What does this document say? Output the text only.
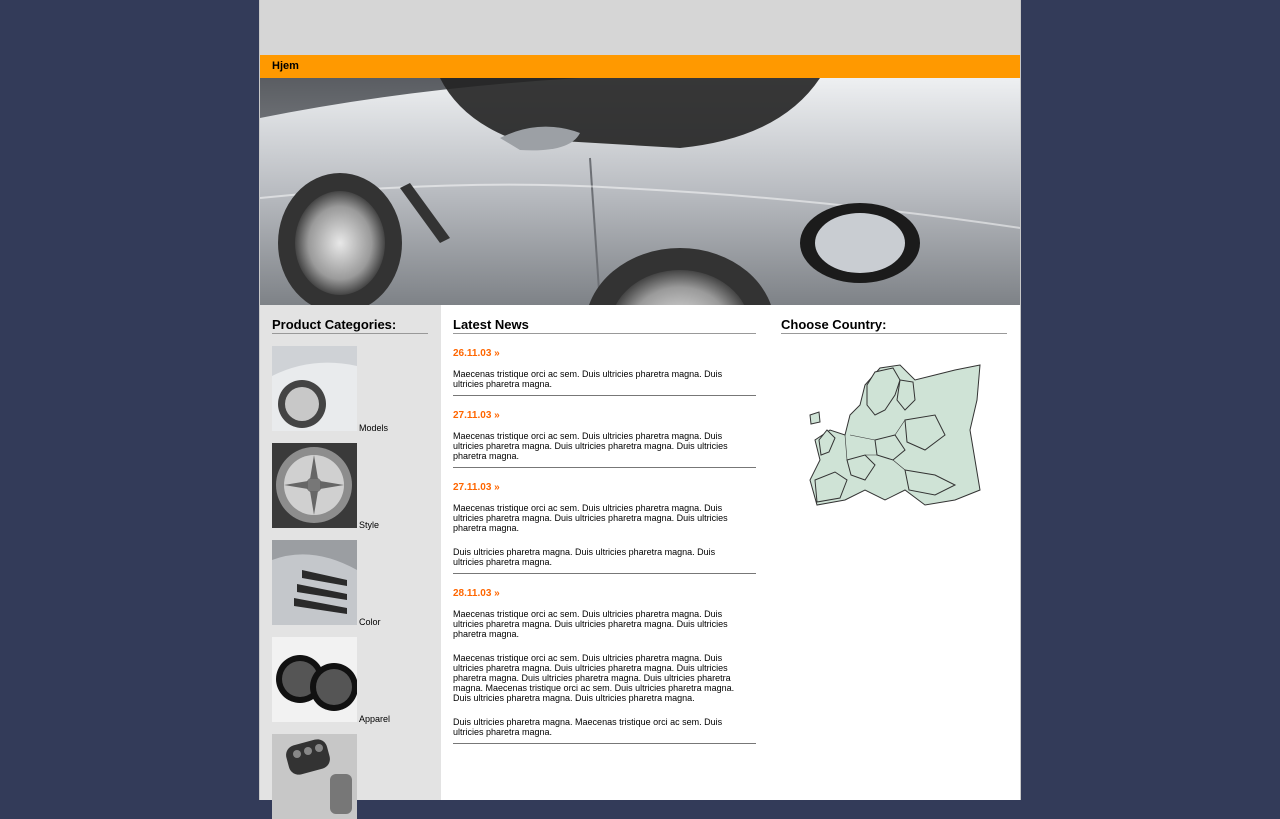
Hjem
Product Categories:
Models
Style
Color
Apparel
Latest News
26.11.03 »

Maecenas tristique orci ac sem. Duis ultricies pharetra magna. Duis ultricies pharetra magna.

27.11.03 »

Maecenas tristique orci ac sem. Duis ultricies pharetra magna. Duis ultricies pharetra magna. Duis ultricies pharetra magna. Duis ultricies pharetra magna.

27.11.03 »

Maecenas tristique orci ac sem. Duis ultricies pharetra magna. Duis ultricies pharetra magna. Duis ultricies pharetra magna. Duis ultricies pharetra magna.

Duis ultricies pharetra magna. Duis ultricies pharetra magna. Duis ultricies pharetra magna.

28.11.03 »

Maecenas tristique orci ac sem. Duis ultricies pharetra magna. Duis ultricies pharetra magna. Duis ultricies pharetra magna. Duis ultricies pharetra magna.

Maecenas tristique orci ac sem. Duis ultricies pharetra magna. Duis ultricies pharetra magna. Duis ultricies pharetra magna. Duis ultricies pharetra magna. Duis ultricies pharetra magna. Duis ultricies pharetra magna. Maecenas tristique orci ac sem. Duis ultricies pharetra magna. Duis ultricies pharetra magna. Duis ultricies pharetra magna.

Duis ultricies pharetra magna. Maecenas tristique orci ac sem. Duis ultricies pharetra magna.

Choose Country:
